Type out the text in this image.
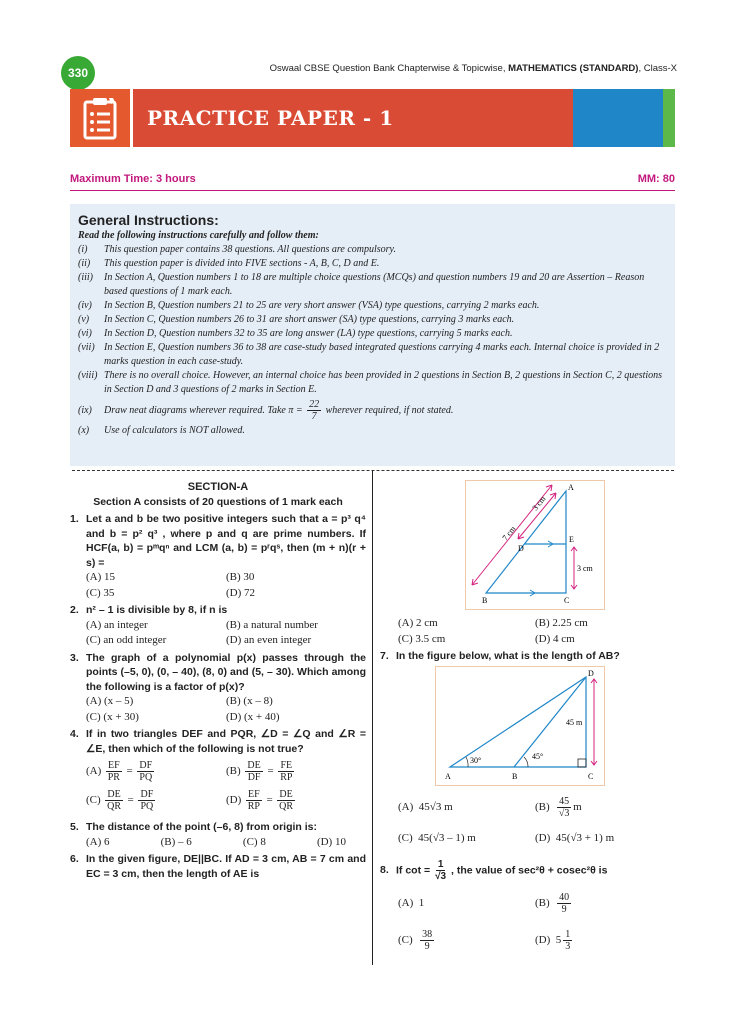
330	Oswaal CBSE Question Bank Chapterwise & Topicwise, MATHEMATICS (STANDARD), Class-X
PRACTICE PAPER - 1
Maximum Time: 3 hours	MM: 80
General Instructions:
Read the following instructions carefully and follow them:
(i)	This question paper contains 38 questions. All questions are compulsory.
(ii)	This question paper is divided into FIVE sections - A, B, C, D and E.
(iii)	In Section A, Question numbers 1 to 18 are multiple choice questions (MCQs) and question numbers 19 and 20 are Assertion – Reason based questions of 1 mark each.
(iv)	In Section B, Question numbers 21 to 25 are very short answer (VSA) type questions, carrying 2 marks each.
(v)	In Section C, Question numbers 26 to 31 are short answer (SA) type questions, carrying 3 marks each.
(vi)	In Section D, Question numbers 32 to 35 are long answer (LA) type questions, carrying 5 marks each.
(vii) In Section E, Question numbers 36 to 38 are case-study based integrated questions carrying 4 marks each. Internal choice is provided in 2 marks question in each case-study.
(viii) There is no overall choice. However, an internal choice has been provided in 2 questions in Section B, 2 questions in Section C, 2 questions in Section D and 3 questions of 2 marks in Section E.
(ix)	Draw neat diagrams wherever required. Take $\pi = \frac{22}{7}$ wherever required, if not stated.
(x)	Use of calculators is NOT allowed.
SECTION-A
Section A consists of 20 questions of 1 mark each
1. Let a and b be two positive integers such that a = p³ q⁴ and b = p² q³ , where p and q are prime numbers. If HCF(a, b) = pᵐqⁿ and LCM (a, b) = pʳqˢ, then (m + n)(r + s) =
(A) 15	(B) 30
(C) 35	(D) 72
2. n² – 1 is divisible by 8, if n is
(A) an integer	(B) a natural number
(C) an odd integer	(D) an even integer
3. The graph of a polynomial p(x) passes through the points (–5, 0), (0, – 40), (8, 0) and (5, – 30). Which among the following is a factor of p(x)?
(A) (x – 5)	(B) (x – 8)
(C) (x + 30)	(D) (x + 40)
4. If in two triangles DEF and PQR, ∠D = ∠Q and ∠R = ∠E, then which of the following is not true?
(A)
$\frac{EF}{PR} = \frac{DF}{PQ}$	(B)
$\frac{DE}{DF} = \frac{FE}{RP}$
(C)
$\frac{DE}{QR} = \frac{DF}{PQ}$	(D)
$\frac{EF}{RP} = \frac{DE}{QR}$
5. The distance of the point (–6, 8) from origin is:
(A) 6	(B) – 6	(C) 8	(D) 10
6. In the given figure, DE||BC. If AD = 3 cm, AB = 7 cm and EC = 3 cm, then the length of AE is
A
B	C
D
E
7 cm
3 cm
3 cm
(A) 2 cm	(B) 2.25 cm
(C) 3.5 cm	(D) 4 cm
7. In the figure below, what is the length of AB?
A	B	C
D
45 m
30°	45°
(A)
45√3 m	(B)
$\frac{45}{√3}$ m
(C)
45(√3 – 1) m	(D)
45(√3 + 1) m
8. If $\cot = \frac{1}{√3}$ , the value of sec²θ + cosec²θ is
(A)
1	(B)
$\frac{40}{9}$
(C)
$\frac{38}{9}$	(D)
$5 \frac{1}{3}$
